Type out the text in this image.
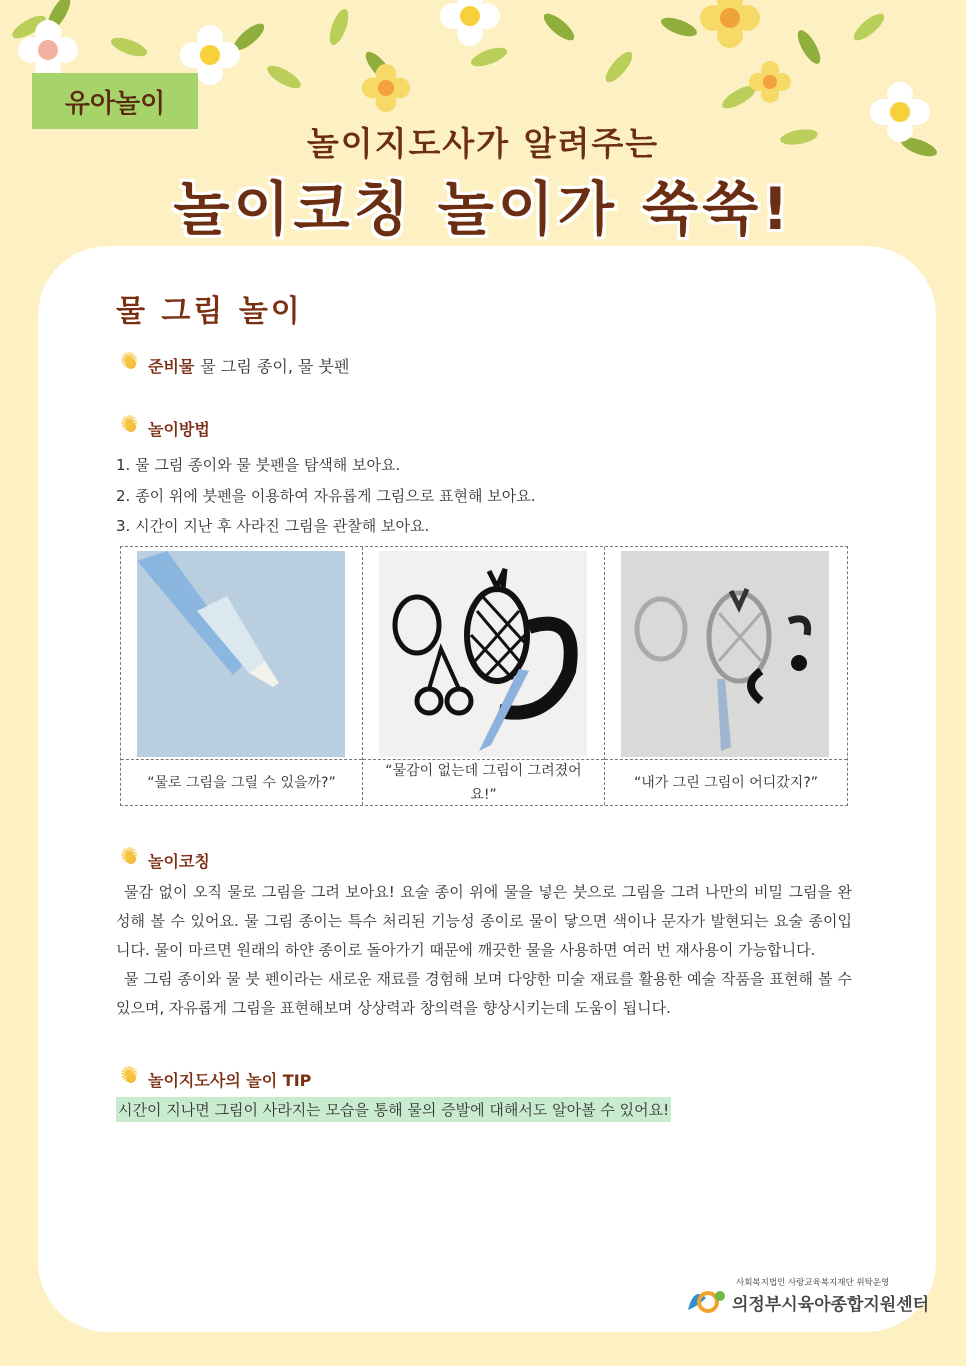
유아놀이
놀이지도사가 알려주는
놀이코칭 놀이가 쑥쑥!
물 그림 놀이
✺준비물 물 그림 종이, 물 붓펜
✺놀이방법
1. 물 그림 종이와 물 붓펜을 탐색해 보아요.
2. 종이 위에 붓펜을 이용하여 자유롭게 그림으로 표현해 보아요.
3. 시간이 지난 후 사라진 그림을 관찰해 보아요.
“물로 그림을 그릴 수 있을까?”
“물감이 없는데 그림이 그려졌어요!”
“내가 그린 그림이 어디갔지?”
✺놀이코칭

물감 없이 오직 물로 그림을 그려 보아요! 요술 종이 위에 물을 넣은 붓으로 그림을 그려 나만의 비밀 그림을 완성해 볼 수 있어요. 물 그림 종이는 특수 처리된 기능성 종이로 물이 닿으면 색이나 문자가 발현되는 요술 종이입니다. 물이 마르면 원래의 하얀 종이로 돌아가기 때문에 깨끗한 물을 사용하면 여러 번 재사용이 가능합니다.

물 그림 종이와 물 붓 펜이라는 새로운 재료를 경험해 보며 다양한 미술 재료를 활용한 예술 작품을 표현해 볼 수 있으며, 자유롭게 그림을 표현해보며 상상력과 창의력을 향상시키는데 도움이 됩니다.

✺놀이지도사의 놀이 TIP
시간이 지나면 그림이 사라지는 모습을 통해 물의 증발에 대해서도 알아볼 수 있어요!
사회복지법인 사랑교육복지재단 위탁운영
의정부시육아종합지원센터
